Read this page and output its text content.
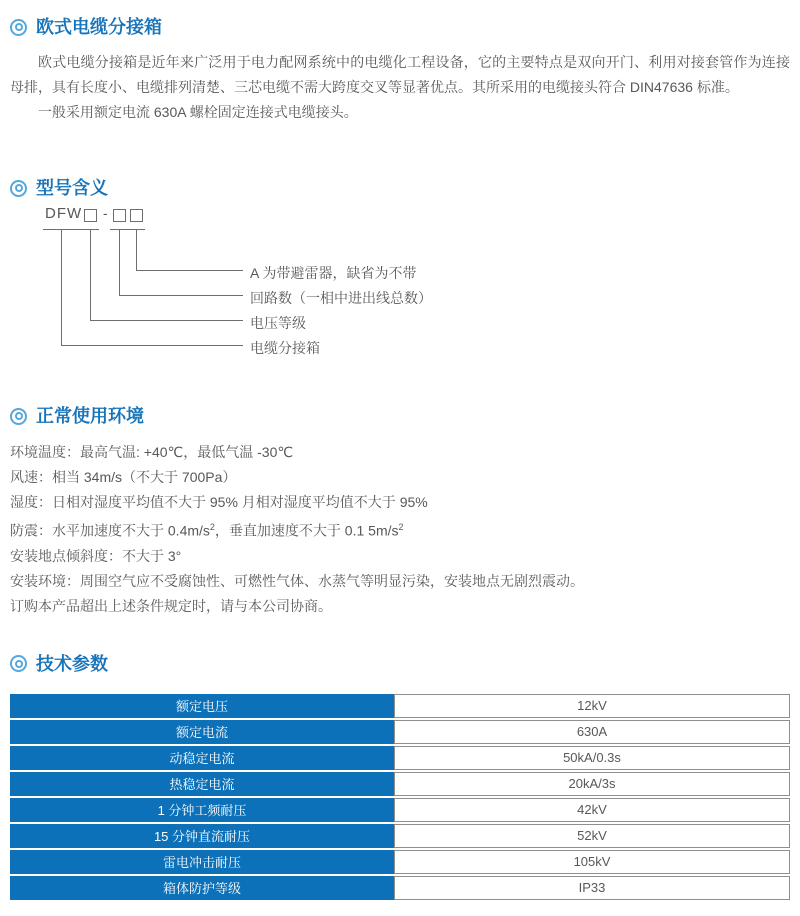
欧式电缆分接箱

欧式电缆分接箱是近年来广泛用于电力配网系统中的电缆化工程设备，它的主要特点是双向开门、利用对接套管作为连接母排，具有长度小、电缆排列清楚、三芯电缆不需大跨度交叉等显著优点。其所采用的电缆接头符合 DIN47636 标准。

一般采用额定电流 630A 螺栓固定连接式电缆接头。

型号含义
DFW -
A 为带避雷器，缺省为不带
回路数（一相中进出线总数）
电压等级
电缆分接箱
正常使用环境

环境温度：最高气温: +40℃，最低气温 -30℃

风速：相当 34m/s（不大于 700Pa）

湿度：日相对湿度平均值不大于 95% 月相对湿度平均值不大于 95%

防震：水平加速度不大于 $0.4m/s^2$，垂直加速度不大于 0.1 $5m/s^2$

安装地点倾斜度：不大于 3°

安装环境：周围空气应不受腐蚀性、可燃性气体、水蒸气等明显污染，安装地点无剧烈震动。

订购本产品超出上述条件规定时，请与本公司协商。

技术参数
额定电压	12kV
额定电流	630A
动稳定电流	50kA/0.3s
热稳定电流	20kA/3s
1 分钟工频耐压	42kV
15 分钟直流耐压	52kV
雷电冲击耐压	105kV
箱体防护等级	IP33
